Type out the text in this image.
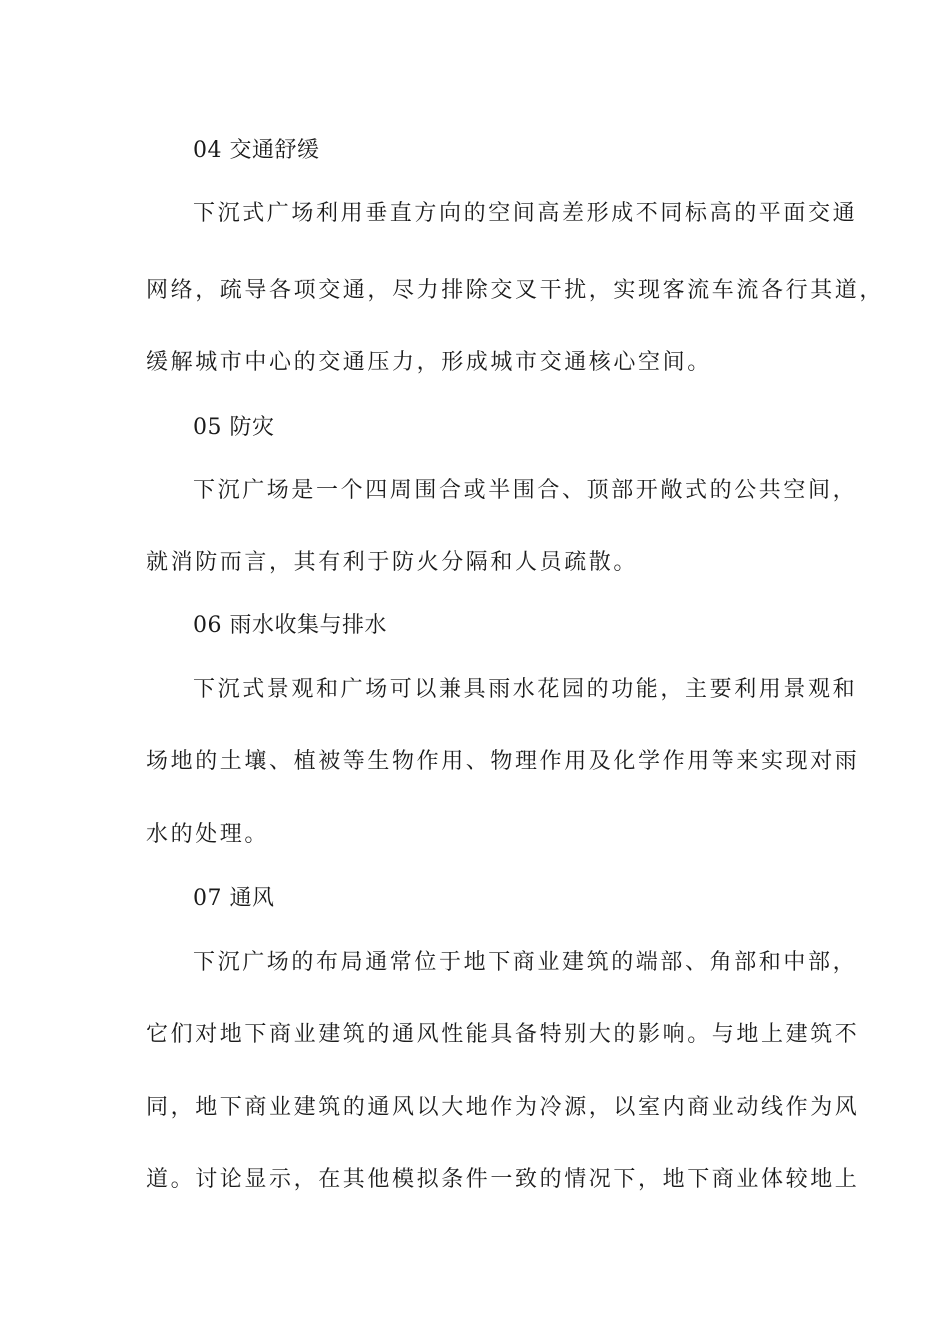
04 交通舒缓
下沉式广场利用垂直方向的空间高差形成不同标高的平面交通
网络，疏导各项交通，尽力排除交叉干扰，实现客流车流各行其道，
缓解城市中心的交通压力，形成城市交通核心空间。
05 防灾
下沉广场是一个四周围合或半围合、顶部开敞式的公共空间，
就消防而言，其有利于防火分隔和人员疏散。
06 雨水收集与排水
下沉式景观和广场可以兼具雨水花园的功能，主要利用景观和
场地的土壤、植被等生物作用、物理作用及化学作用等来实现对雨
水的处理。
07 通风
下沉广场的布局通常位于地下商业建筑的端部、角部和中部，
它们对地下商业建筑的通风性能具备特别大的影响。与地上建筑不
同，地下商业建筑的通风以大地作为冷源，以室内商业动线作为风
道。讨论显示，在其他模拟条件一致的情况下，地下商业体较地上
